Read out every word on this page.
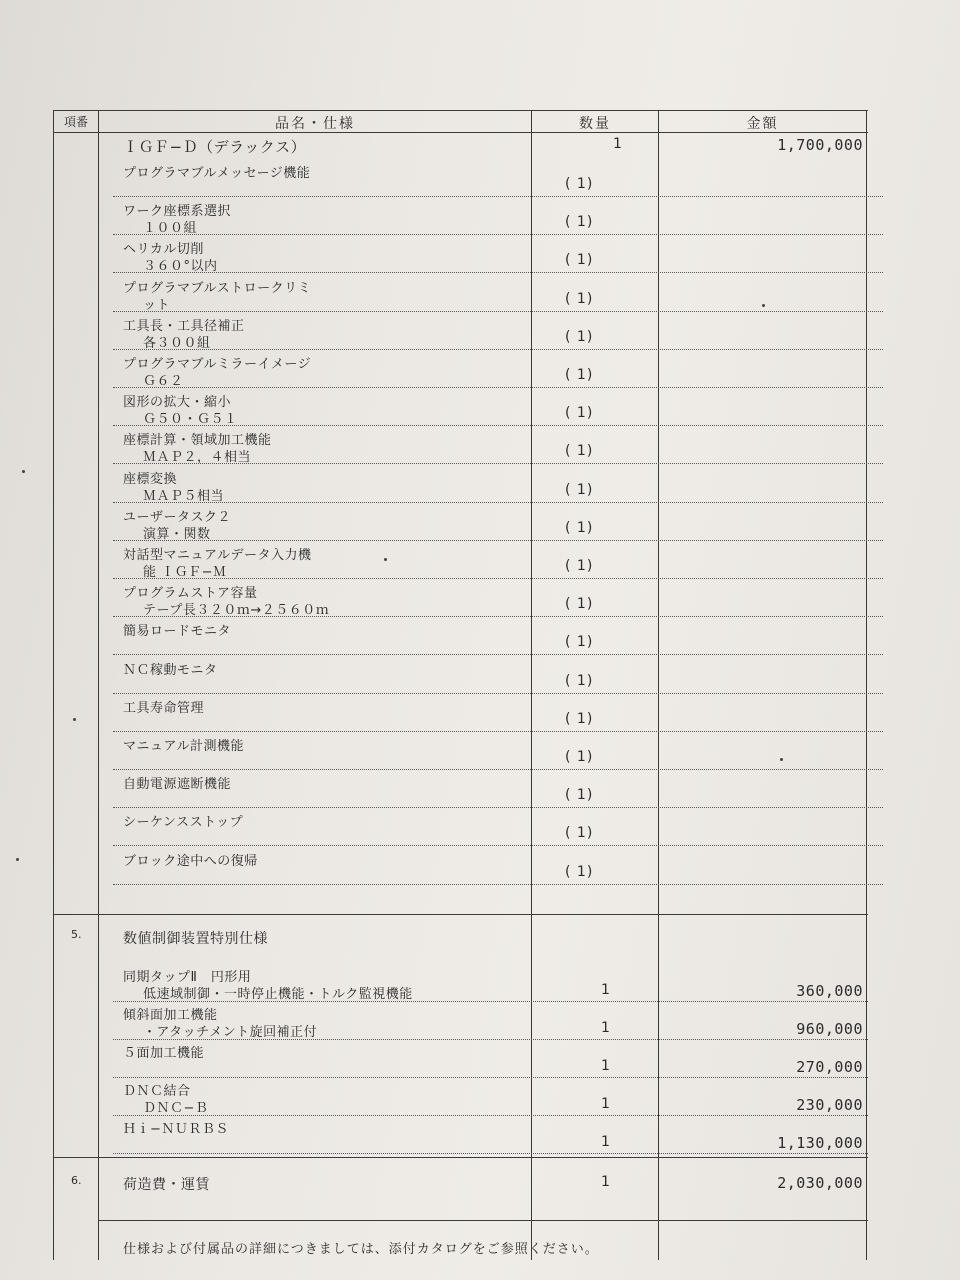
項番	品名・仕様	数量	金額
ＩＧＦ−Ｄ（デラックス）	1	1,700,000
プログラマブルメッセージ機能
( 1)
ワーク座標系選択
１００組	( 1)
ヘリカル切削
３６０°以内	( 1)
プログラマブルストロークリミ
ット	( 1)
工具長・工具径補正
各３００組	( 1)
プログラマブルミラーイメージ
Ｇ６２	( 1)
図形の拡大・縮小
Ｇ５０・Ｇ５１	( 1)
座標計算・領域加工機能
ＭＡＰ２，４相当	( 1)
座標変換
ＭＡＰ５相当	( 1)
ユーザータスク２
演算・関数	( 1)
対話型マニュアルデータ入力機
能 ＩＧＦ−Ｍ	( 1)
プログラムストア容量
テープ長３２０ｍ→２５６０ｍ	( 1)
簡易ロードモニタ
( 1)
ＮＣ稼動モニタ
( 1)
工具寿命管理
( 1)
マニュアル計測機能
( 1)
自動電源遮断機能
( 1)
シーケンスストップ
( 1)
ブロック途中への復帰
( 1)
5.	数値制御装置特別仕様
同期タップⅡ　円形用
低速域制御・一時停止機能・トルク監視機能	1	360,000
傾斜面加工機能
・アタッチメント旋回補正付	1	960,000
５面加工機能
1	270,000
ＤＮＣ結合
ＤＮＣ−Ｂ	1	230,000
Ｈｉ−ＮＵＲＢＳ
1	1,130,000
6.	荷造費・運賃	1	2,030,000
仕様および付属品の詳細につきましては、添付カタログをご参照ください。
